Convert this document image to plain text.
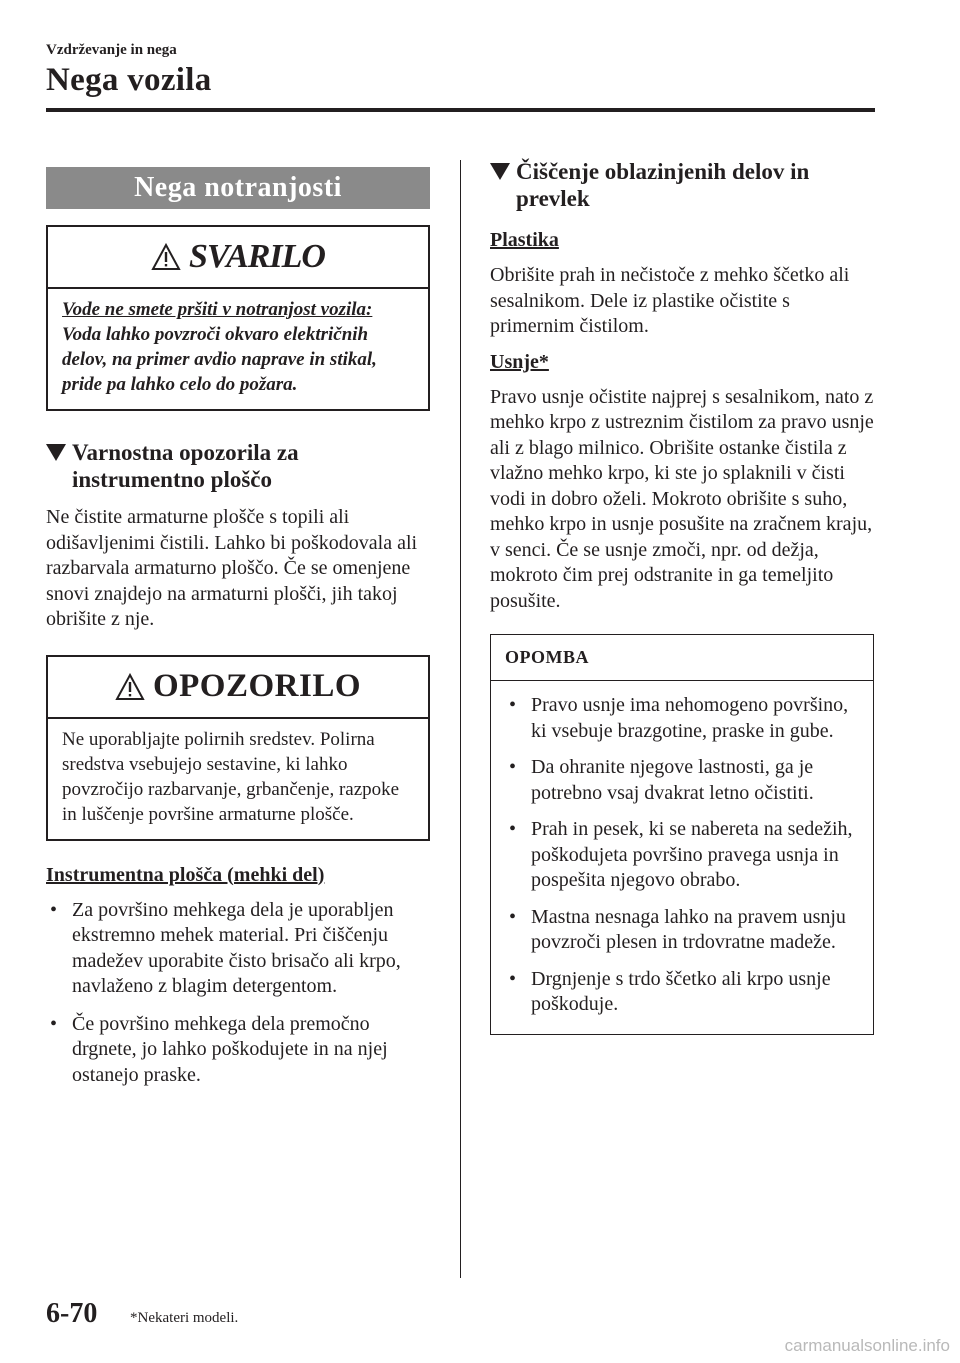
Vzdrževanje in nega
Nega vozila
Nega notranjosti
SVARILO
Vode ne smete pršiti v notranjost vozila:
Voda lahko povzroči okvaro električnih delov, na primer avdio naprave in stikal, pride pa lahko celo do požara.
Varnostna opozorila za
instrumentno ploščo
Ne čistite armaturne plošče s topili ali odišavljenimi čistili. Lahko bi poškodovala ali razbarvala armaturno ploščo. Če se omenjene snovi znajdejo na armaturni plošči, jih takoj obrišite z nje.
OPOZORILO
Ne uporabljajte polirnih sredstev. Polirna sredstva vsebujejo sestavine, ki lahko povzročijo razbarvanje, grbančenje, razpoke in luščenje površine armaturne plošče.
Instrumentna plošča (mehki del)
• Za površino mehkega dela je uporabljen ekstremno mehek material. Pri čiščenju madežev uporabite čisto brisačo ali krpo, navlaženo z blagim detergentom.
• Če površino mehkega dela premočno drgnete, jo lahko poškodujete in na njej ostanejo praske.
Čiščenje oblazinjenih delov in
prevlek
Plastika
Obrišite prah in nečistoče z mehko ščetko ali sesalnikom. Dele iz plastike očistite s primernim čistilom.
Usnje*
Pravo usnje očistite najprej s sesalnikom, nato z mehko krpo z ustreznim čistilom za pravo usnje ali z blago milnico. Obrišite ostanke čistila z vlažno mehko krpo, ki ste jo splaknili v čisti vodi in dobro oželi. Mokroto obrišite s suho, mehko krpo in usnje posušite na zračnem kraju, v senci. Če se usnje zmoči, npr. od dežja, mokroto čim prej odstranite in ga temeljito posušite.
OPOMBA
• Pravo usnje ima nehomogeno površino, ki vsebuje brazgotine, praske in gube.
• Da ohranite njegove lastnosti, ga je potrebno vsaj dvakrat letno očistiti.
• Prah in pesek, ki se nabereta na sedežih, poškodujeta površino pravega usnja in pospešita njegovo obrabo.
• Mastna nesnaga lahko na pravem usnju povzroči plesen in trdovratne madeže.
• Drgnjenje s trdo ščetko ali krpo usnje poškoduje.
6-70 *Nekateri modeli.
carmanualsonline.info
